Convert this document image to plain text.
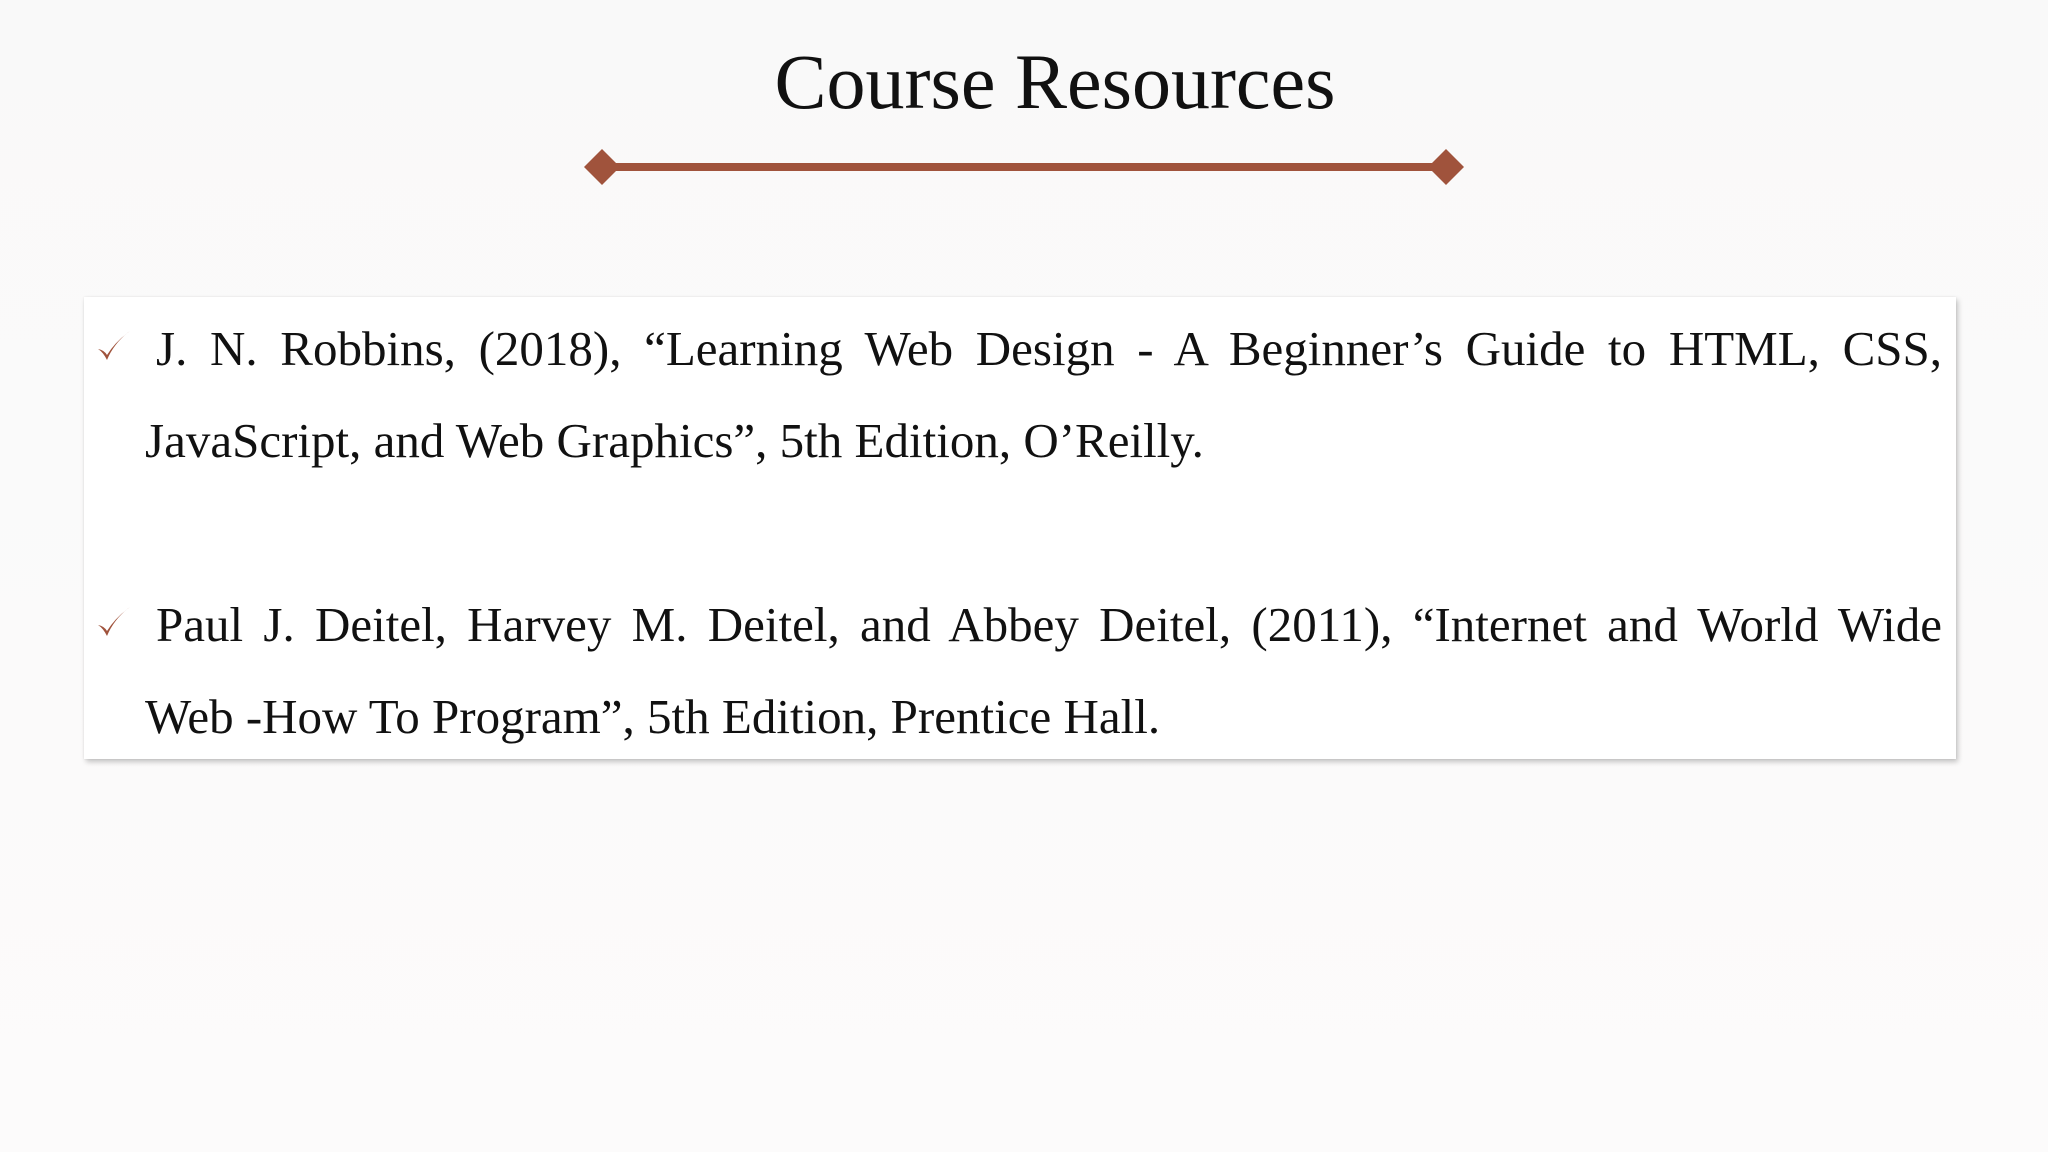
Course Resources
J. N. Robbins, (2018), “Learning Web Design - A Beginner’s Guide to HTML, CSS,
JavaScript, and Web Graphics”, 5th Edition, O’Reilly.
Paul J. Deitel, Harvey M. Deitel, and Abbey Deitel, (2011), “Internet and World Wide
Web -How To Program”, 5th Edition, Prentice Hall.
